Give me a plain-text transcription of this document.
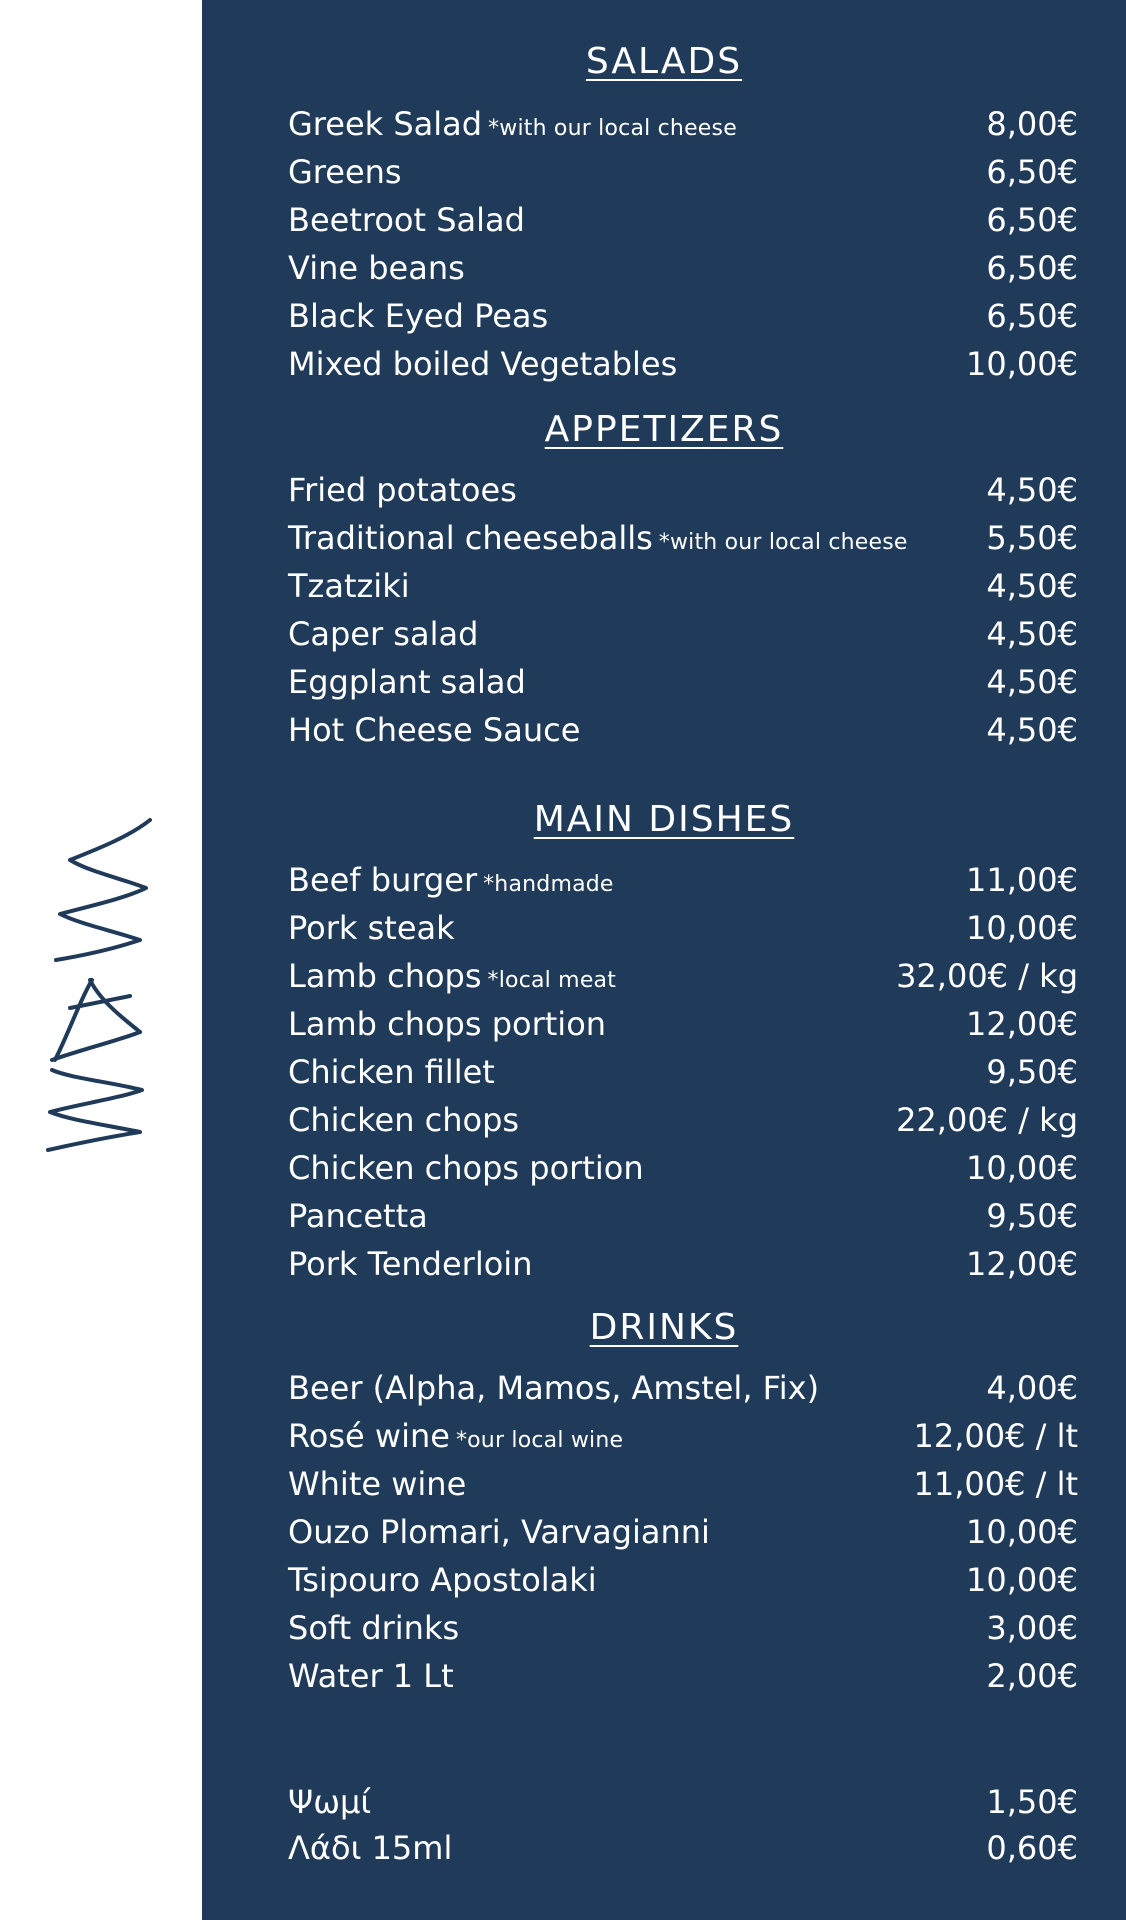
SALADS
Greek Salad *with our local cheese	8,00€
Greens	6,50€
Beetroot Salad	6,50€
Vine beans	6,50€
Black Eyed Peas	6,50€
Mixed boiled Vegetables	10,00€
APPETIZERS
Fried potatoes	4,50€
Traditional cheeseballs *with our local cheese 5,50€
Tzatziki	4,50€
Caper salad	4,50€
Eggplant salad	4,50€
Hot Cheese Sauce	4,50€
MAIN DISHES
Beef burger *handmade	11,00€
Pork steak	10,00€
Lamb chops *local meat	32,00€ / kg
Lamb chops portion	12,00€
Chicken fillet	9,50€
Chicken chops	22,00€ / kg
Chicken chops portion	10,00€
Pancetta	9,50€
Pork Tenderloin	12,00€
DRINKS
Beer (Alpha, Mamos, Amstel, Fix)	4,00€
Rosé wine *our local wine	12,00€ / lt
White wine	11,00€ / lt
Ouzo Plomari, Varvagianni	10,00€
Tsipouro Apostolaki	10,00€
Soft drinks	3,00€
Water 1 Lt	2,00€
Ψωμί	1,50€
Λάδι 15ml	0,60€
